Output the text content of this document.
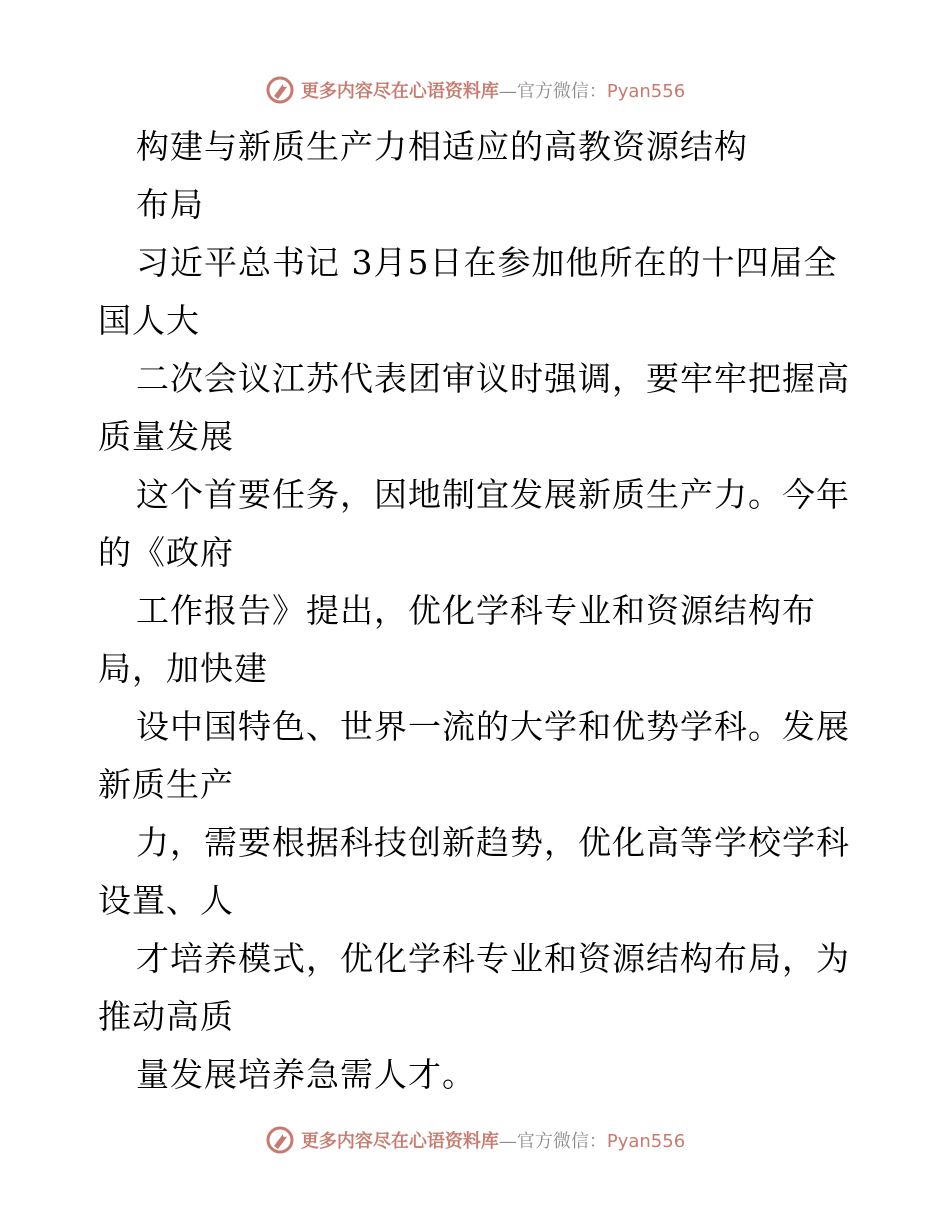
更多内容尽在心语资料库—官方微信：Pyan556
构建与新质生产力相适应的高教资源结构
布局
习近平总书记 3月5日在参加他所在的十四届全
国人大
二次会议江苏代表团审议时强调，要牢牢把握高
质量发展
这个首要任务，因地制宜发展新质生产力。今年
的《政府
工作报告》提出，优化学科专业和资源结构布
局，加快建
设中国特色、世界一流的大学和优势学科。发展
新质生产
力，需要根据科技创新趋势，优化高等学校学科
设置、人
才培养模式，优化学科专业和资源结构布局，为
推动高质
量发展培养急需人才。
更多内容尽在心语资料库—官方微信：Pyan556
